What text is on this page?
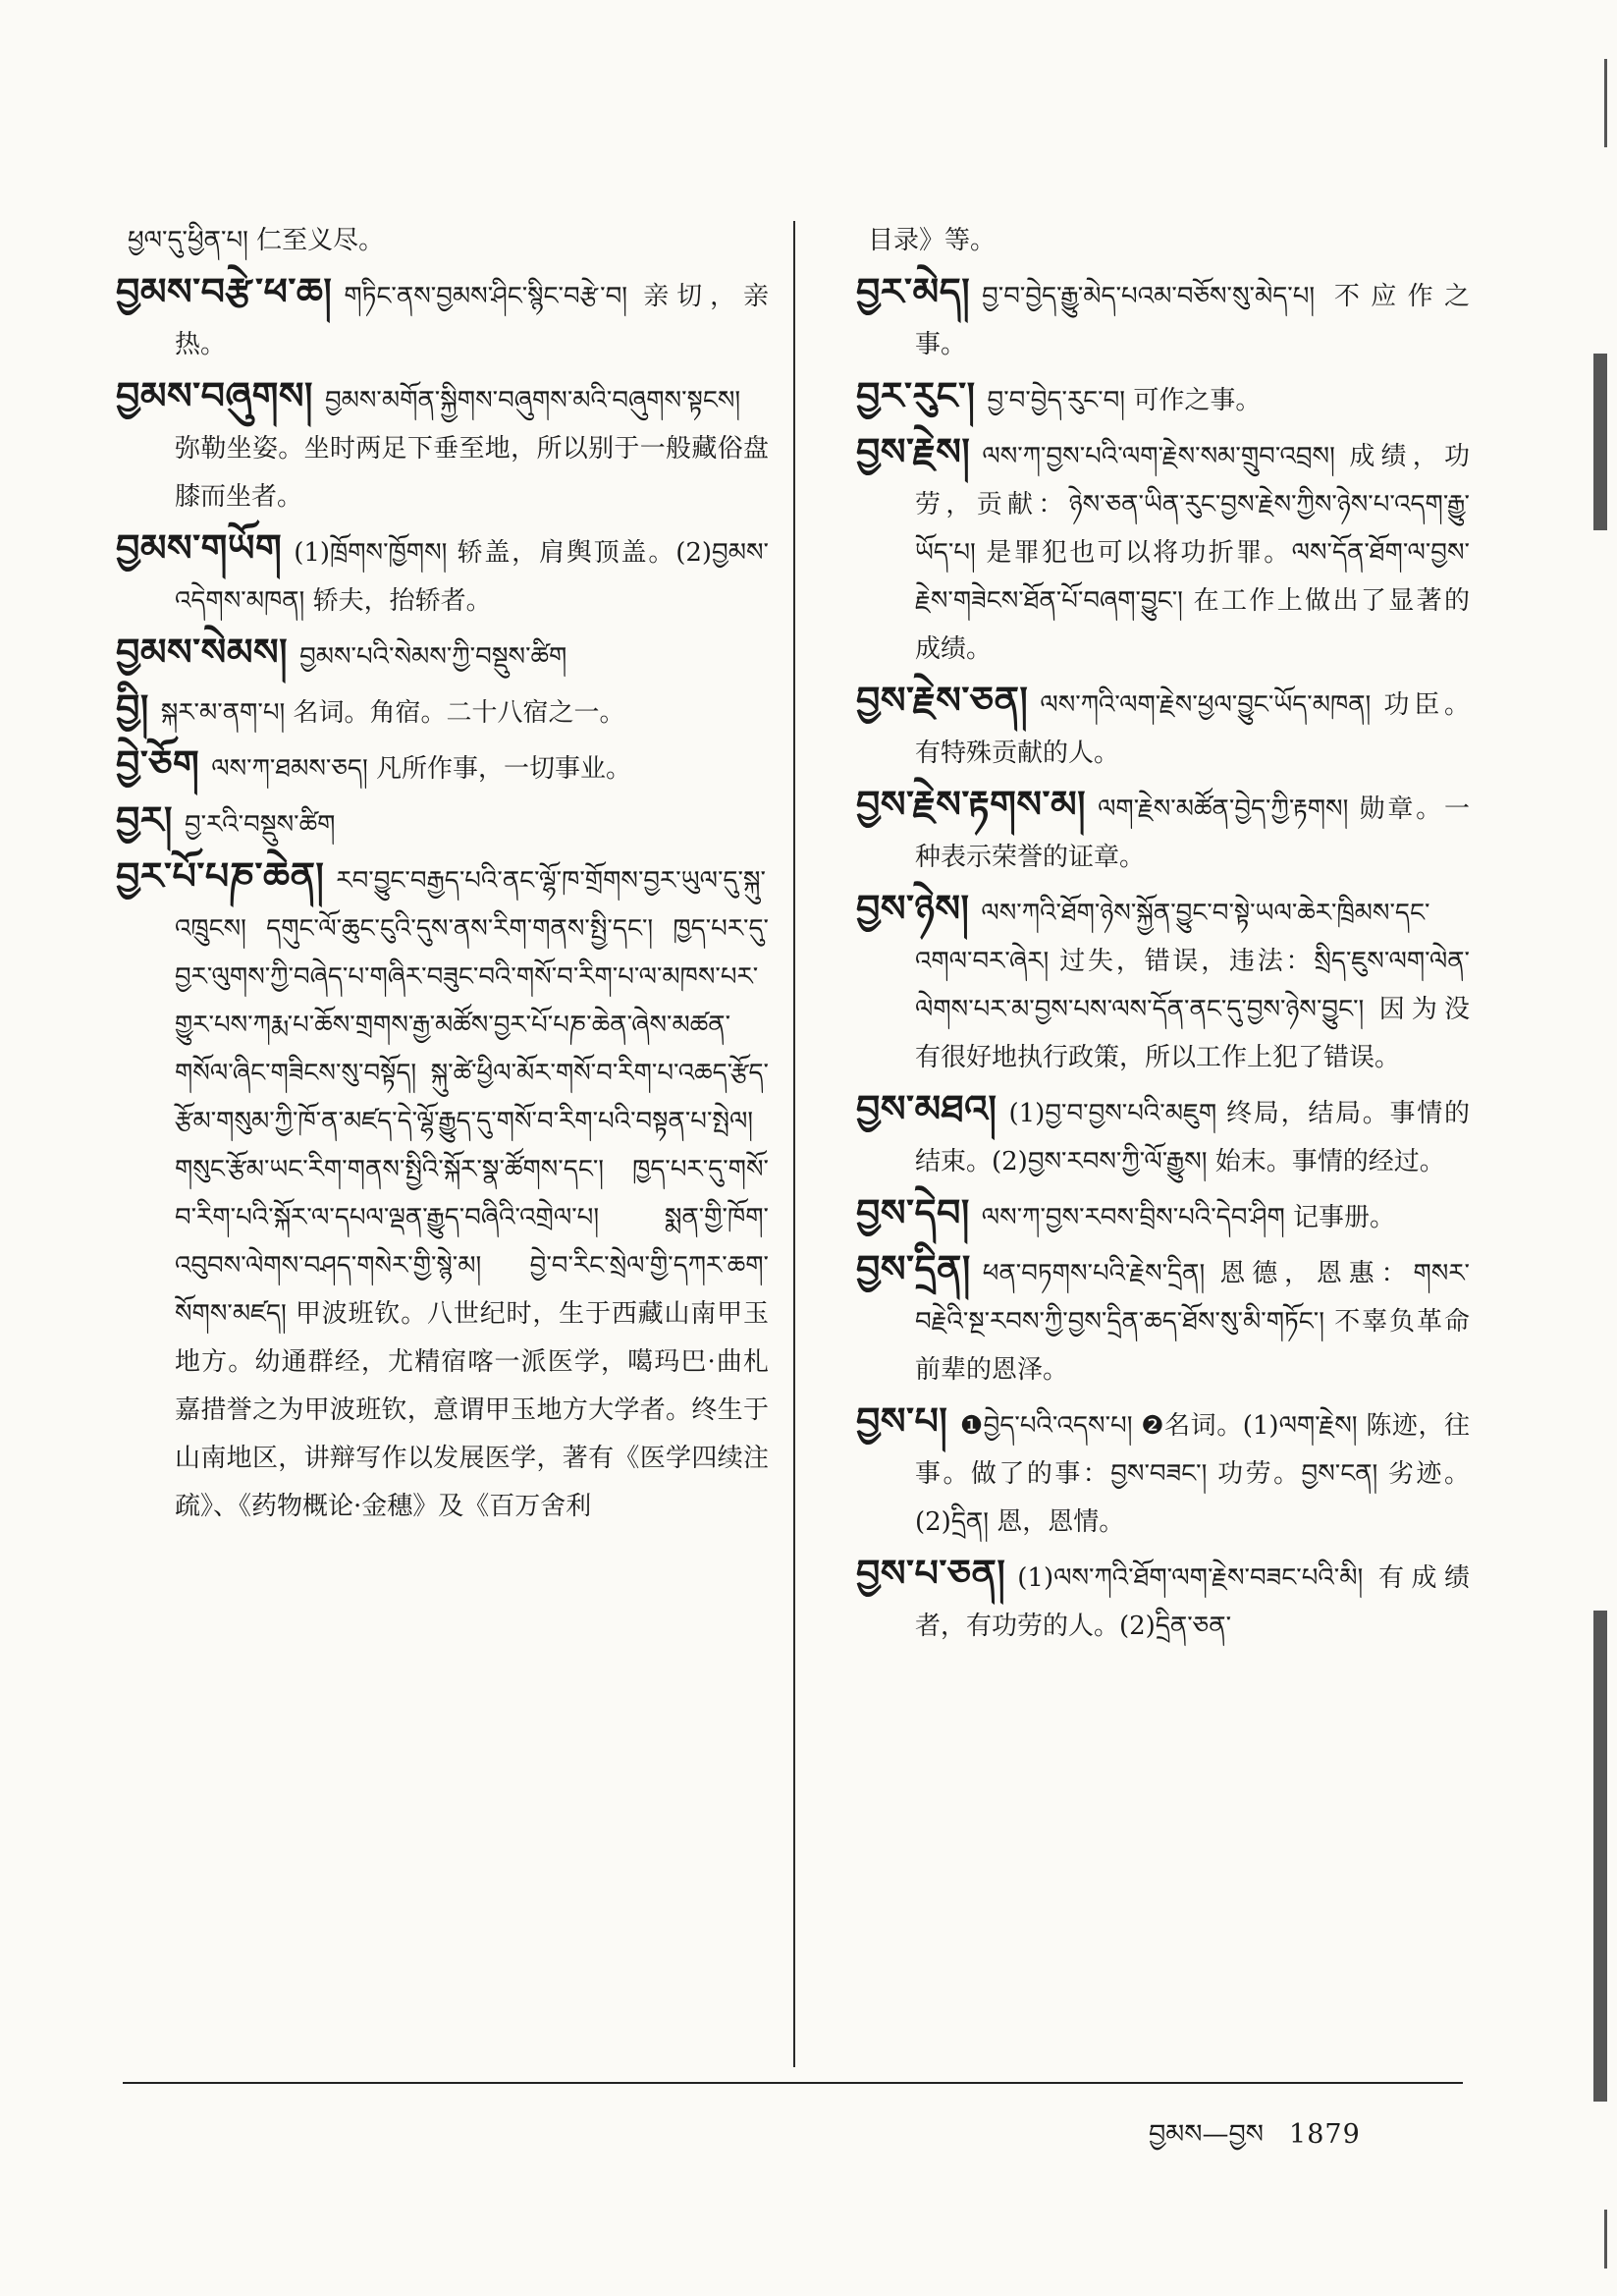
ཕྱལ་དུ་ཕྱིན་པ། 仁至义尽。
བྱམས་བརྩེ་ཕ་ཆ། གཏིང་ནས་བྱམས་ཤིང་སྙིང་བརྩེ་བ། 亲切，亲热。
བྱམས་བཞུགས། བྱམས་མགོན་སྐྱིགས་བཞུགས་མའི་བཞུགས་སྟངས། 弥勒坐姿。坐时两足下垂至地，所以别于一般藏俗盘膝而坐者。
བྱམས་གཡོག (1)ཁྲོགས་ཁྱོགས། 轿盖，肩舆顶盖。(2)བྱམས་འདེགས་མཁན། 轿夫，抬轿者。
བྱམས་སེམས། བྱམས་པའི་སེམས་ཀྱི་བསྡུས་ཚིག
བྱི། སྐར་མ་ནག་པ། 名词。角宿。二十八宿之一。
བྱེ་ཅོག ལས་ཀ་ཐམས་ཅད། 凡所作事，一切事业。
བྱར། བྱ་རའི་བསྡུས་ཚིག
བྱར་པོ་པཎ་ཆེན། རབ་བྱུང་བརྒྱད་པའི་ནང་ལྷོ་ཁ་གྲོགས་བྱར་ཡུལ་དུ་སྐུ་འཁྲུངས། དགུང་ལོ་ཆུང་ངུའི་དུས་ནས་རིག་གནས་སྤྱི་དང་། ཁྱད་པར་དུ་བྱར་ལུགས་ཀྱི་བཞེད་པ་གཞིར་བཟུང་བའི་གསོ་བ་རིག་པ་ལ་མཁས་པར་གྱུར་པས་ཀརྨ་པ་ཆོས་གྲགས་རྒྱ་མཚོས་བྱར་པོ་པཎ་ཆེན་ཞེས་མཚན་གསོལ་ཞིང་གཟིངས་སུ་བསྟོད། སྐུ་ཚེ་ཕྱིལ་མོར་གསོ་བ་རིག་པ་འཆད་རྩོད་རྩོམ་གསུམ་ཀྱི་ཁོ་ན་མཛད་དེ་ལྷོ་རྒྱུད་དུ་གསོ་བ་རིག་པའི་བསྟན་པ་སྤེལ། གསུང་རྩོམ་ཡང་རིག་གནས་སྤྱིའི་སྐོར་སྣ་ཚོགས་དང་། ཁྱད་པར་དུ་གསོ་བ་རིག་པའི་སྐོར་ལ་དཔལ་ལྡན་རྒྱུད་བཞིའི་འགྲེལ་པ། སྨན་གྱི་ཁོག་འབུབས་ལེགས་བཤད་གསེར་གྱི་སྙེ་མ། བྱེ་བ་རིང་སྲེལ་གྱི་དཀར་ཆག་སོགས་མཛད། 甲波班钦。八世纪时，生于西藏山南甲玉地方。幼通群经，尤精宿喀一派医学，噶玛巴·曲札嘉措誉之为甲波班钦，意谓甲玉地方大学者。终生于山南地区，讲辩写作以发展医学，著有《医学四续注疏》、《药物概论·金穗》及《百万舍利
目录》等。
བྱར་མེད། བྱ་བ་བྱེད་རྒྱུ་མེད་པའམ་བཅོས་སུ་མེད་པ། 不应作之事。
བྱར་རུང་། བྱ་བ་བྱེད་རུང་བ། 可作之事。
བྱས་རྗེས། ལས་ཀ་བྱས་པའི་ལག་རྗེས་སམ་གྲུབ་འབྲས། 成绩，功劳，贡献：ཉེས་ཅན་ཡིན་རུང་བྱས་རྗེས་ཀྱིས་ཉེས་པ་འདག་རྒྱུ་ཡོད་པ། 是罪犯也可以将功折罪。ལས་དོན་ཐོག་ལ་བྱས་རྗེས་གཟེངས་ཐོན་པོ་བཞག་བྱུང་། 在工作上做出了显著的成绩。
བྱས་རྗེས་ཅན། ལས་ཀའི་ལག་རྗེས་ཕྱལ་བྱུང་ཡོད་མཁན། 功臣。有特殊贡献的人。
བྱས་རྗེས་རྟགས་མ། ལག་རྗེས་མཚོན་བྱེད་ཀྱི་རྟགས། 勋章。一种表示荣誉的证章。
བྱས་ཉེས། ལས་ཀའི་ཐོག་ཉེས་སྐྱོན་བྱུང་བ་སྟེ་ཡལ་ཆེར་ཁྲིམས་དང་འགལ་བར་ཞེར། 过失，错误，违法：སྲིད་ཇུས་ལག་ལེན་ལེགས་པར་མ་བྱས་པས་ལས་དོན་ནང་དུ་བྱས་ཉེས་བྱུང་། 因为没有很好地执行政策，所以工作上犯了错误。
བྱས་མཐའ། (1)བྱ་བ་བྱས་པའི་མཇུག 终局，结局。事情的结束。(2)བྱས་རབས་ཀྱི་ལོ་རྒྱུས། 始末。事情的经过。
བྱས་དེབ། ལས་ཀ་བྱས་རབས་བྲིས་པའི་དེབ་ཤིག 记事册。
བྱས་དྲིན། ཕན་བཏགས་པའི་རྗེས་དྲིན། 恩德，恩惠：གསར་བརྗེའི་སྔ་རབས་ཀྱི་བྱས་དྲིན་ཆད་ཐོས་སུ་མི་གཏོང་། 不辜负革命前辈的恩泽。
བྱས་པ། ❶བྱེད་པའི་འདས་པ། ❷名词。(1)ལག་རྗེས། 陈迹，往事。做了的事：བྱས་བཟང་། 功劳。བྱས་ངན། 劣迹。(2)དྲིན། 恩，恩情。
བྱས་པ་ཅན། (1)ལས་ཀའི་ཐོག་ལག་རྗེས་བཟང་པའི་མི། 有成绩者，有功劳的人。(2)དྲིན་ཅན་
བྱམས—བྱས 1879
